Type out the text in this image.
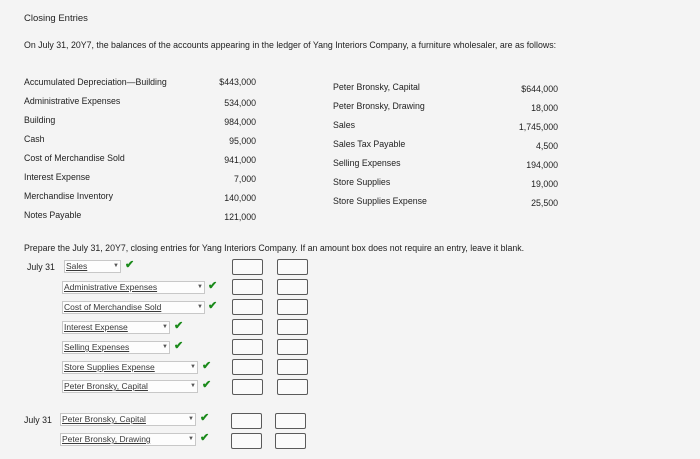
Closing Entries
On July 31, 20Y7, the balances of the accounts appearing in the ledger of Yang Interiors Company, a furniture wholesaler, are as follows:
Accumulated Depreciation—Building	$443,000
Administrative Expenses	534,000
Building	984,000
Cash	95,000
Cost of Merchandise Sold	941,000
Interest Expense	7,000
Merchandise Inventory	140,000
Notes Payable	121,000
Peter Bronsky, Capital	$644,000
Peter Bronsky, Drawing	18,000
Sales	1,745,000
Sales Tax Payable	4,500
Selling Expenses	194,000
Store Supplies	19,000
Store Supplies Expense	25,500
Prepare the July 31, 20Y7, closing entries for Yang Interiors Company. If an amount box does not require an entry, leave it blank.
July 31 Sales	▼ ✔
Administrative Expenses	▼ ✔
Cost of Merchandise Sold	▼ ✔
Interest Expense	▼ ✔
Selling Expenses	▼ ✔
Store Supplies Expense	▼ ✔
Peter Bronsky, Capital	▼ ✔
July 31 Peter Bronsky, Capital	▼ ✔
Peter Bronsky, Drawing	▼ ✔
